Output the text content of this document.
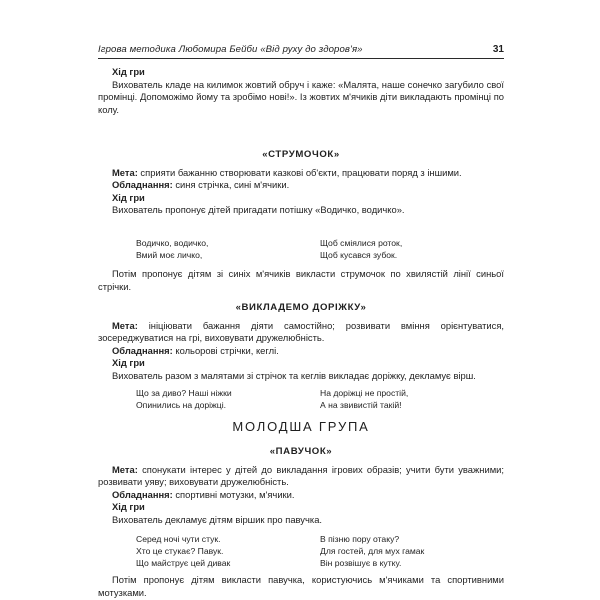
Ігрова методика Любомира Бейби «Від руху до здоров'я»	31

Хід гри

Вихователь кладе на килимок жовтий обруч і каже: «Малята, наше сонечко загубило свої промінці. Допоможімо йому та зробімо нові!». Із жовтих м'ячиків діти викладають промінці по колу.

«СТРУМОЧОК»

Мета: сприяти бажанню створювати казкові об'єкти, працювати поряд з іншими.

Обладнання: синя стрічка, сині м'ячики.

Хід гри

Вихователь пропонує дітей пригадати потішку «Водичко, водичко».

Водичко, водичко,

Вмий моє личко,

Щоб сміялися роток,

Щоб кусався зубок.

Потім пропонує дітям зі синіх м'ячиків викласти струмочок по хвилястій лінії синьої стрічки.

«ВИКЛАДЕМО ДОРІЖКУ»

Мета: ініціювати бажання діяти самостійно; розвивати вміння орієнтуватися, зосереджуватися на грі, виховувати дружелюбність.

Обладнання: кольорові стрічки, кеглі.

Хід гри

Вихователь разом з малятами зі стрічок та кеглів викладає доріжку, декламує вірш.

Що за диво? Наші ніжки

Опинились на доріжці.

На доріжці не простій,

А на звивистій такій!

МОЛОДША ГРУПА

«ПАВУЧОК»

Мета: спонукати інтерес у дітей до викладання ігрових образів; учити бути уважними; розвивати уяву; виховувати дружелюбність.

Обладнання: спортивні мотузки, м'ячики.

Хід гри

Вихователь декламує дітям віршик про павучка.

Серед ночі чути стук.

Хто це стукає? Павук.

Що майструє цей дивак

В пізню пору отаку?

Для гостей, для мух гамак

Він розвішує в кутку.

Потім пропонує дітям викласти павучка, користуючись м'ячиками та спортивними мотузками.
